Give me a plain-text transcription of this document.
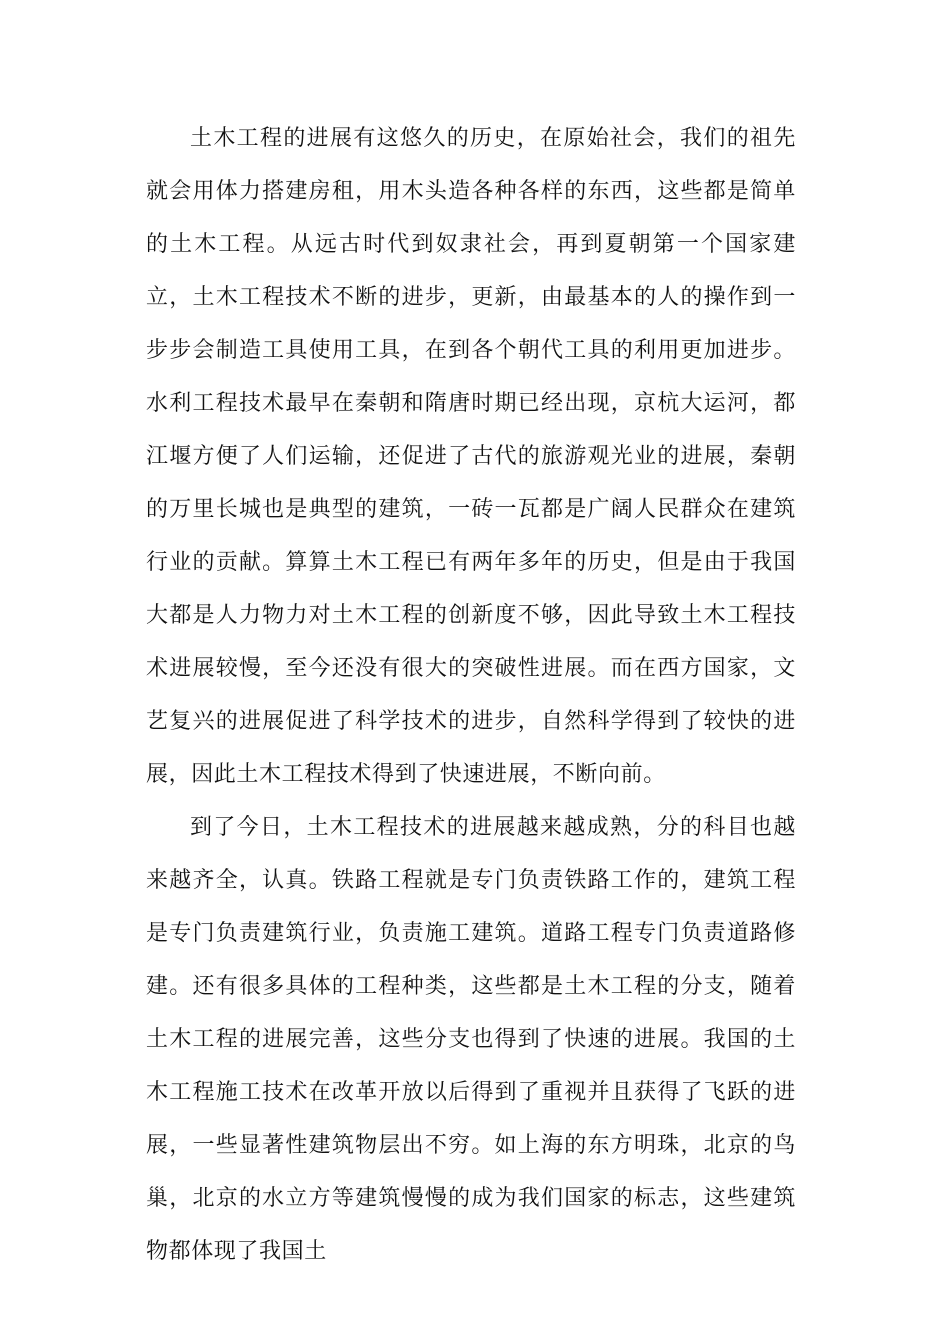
土木工程的进展有这悠久的历史，在原始社会，我们的祖先就会用体力搭建房租，用木头造各种各样的东西，这些都是简单的土木工程。从远古时代到奴隶社会，再到夏朝第一个国家建立，土木工程技术不断的进步，更新，由最基本的人的操作到一步步会制造工具使用工具，在到各个朝代工具的利用更加进步。水利工程技术最早在秦朝和隋唐时期已经出现，京杭大运河，都江堰方便了人们运输，还促进了古代的旅游观光业的进展，秦朝的万里长城也是典型的建筑，一砖一瓦都是广阔人民群众在建筑行业的贡献。算算土木工程已有两年多年的历史，但是由于我国大都是人力物力对土木工程的创新度不够，因此导致土木工程技术进展较慢，至今还没有很大的突破性进展。而在西方国家，文艺复兴的进展促进了科学技术的进步，自然科学得到了较快的进展，因此土木工程技术得到了快速进展，不断向前。

到了今日，土木工程技术的进展越来越成熟，分的科目也越来越齐全，认真。铁路工程就是专门负责铁路工作的，建筑工程是专门负责建筑行业，负责施工建筑。道路工程专门负责道路修建。还有很多具体的工程种类，这些都是土木工程的分支，随着土木工程的进展完善，这些分支也得到了快速的进展。我国的土木工程施工技术在改革开放以后得到了重视并且获得了飞跃的进展，一些显著性建筑物层出不穷。如上海的东方明珠，北京的鸟巢，北京的水立方等建筑慢慢的成为我们国家的标志，这些建筑物都体现了我国土
